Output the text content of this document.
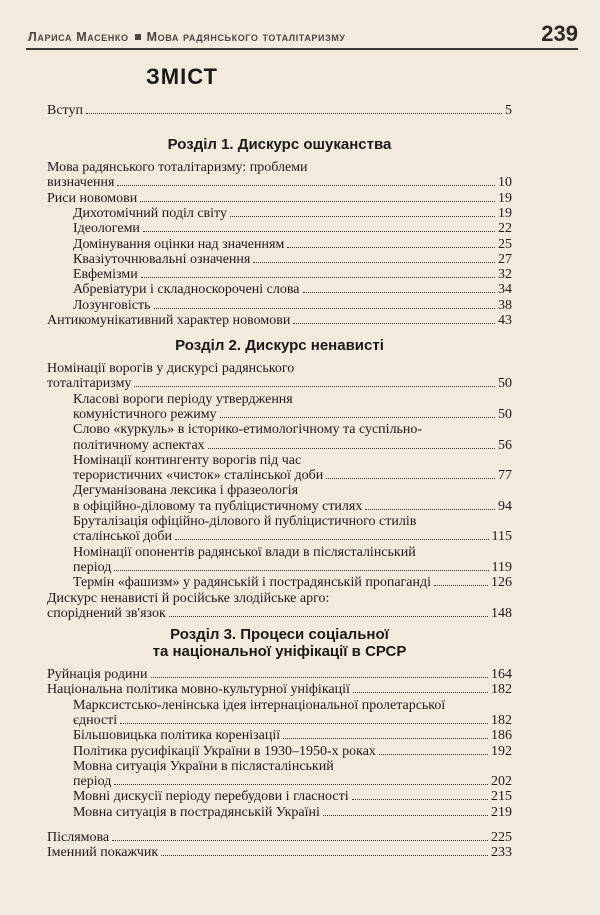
Лариса Масенко Мова радянського тоталітаризму	239
ЗМІСТ
Вступ	5
Розділ 1. Дискурс ошуканства
Мова радянського тоталітаризму: проблеми
визначення	10
Риси новомови	19
Дихотомічний поділ світу	19
Ідеологеми	22
Домінування оцінки над значенням	25
Квазіуточнювальні означення	27
Евфемізми	32
Абревіатури і складноскорочені слова	34
Лозунговість	38
Антикомунікативний характер новомови	43
Розділ 2. Дискурс ненависті
Номінації ворогів у дискурсі радянського
тоталітаризму	50
Класові вороги періоду утвердження
комуністичного режиму	50
Слово «куркуль» в історико-етимологічному та суспільно-
політичному аспектах	56
Номінації контингенту ворогів під час
терористичних «чисток» сталінської доби	77
Дегуманізована лексика і фразеологія
в офіційно-діловому та публіцистичному стилях	94
Бруталізація офіційно-ділового й публіцистичного стилів
сталінської доби	115
Номінації опонентів радянської влади в післясталінський
період	119
Термін «фашизм» у радянській і пострадянській пропаганді	126
Дискурс ненависті й російське злодійське арго:
споріднений зв'язок	148
Розділ 3. Процеси соціальної
та національної уніфікації в СРСР
Руйнація родини	164
Національна політика мовно-культурної уніфікації	182
Марксистсько-ленінська ідея інтернаціональної пролетарської
єдності	182
Більшовицька політика коренізації	186
Політика русифікації України в 1930–1950-х роках	192
Мовна ситуація України в післясталінський
період	202
Мовні дискусії періоду перебудови і гласності	215
Мовна ситуація в пострадянській Україні	219
Післямова	225
Іменний покажчик	233
